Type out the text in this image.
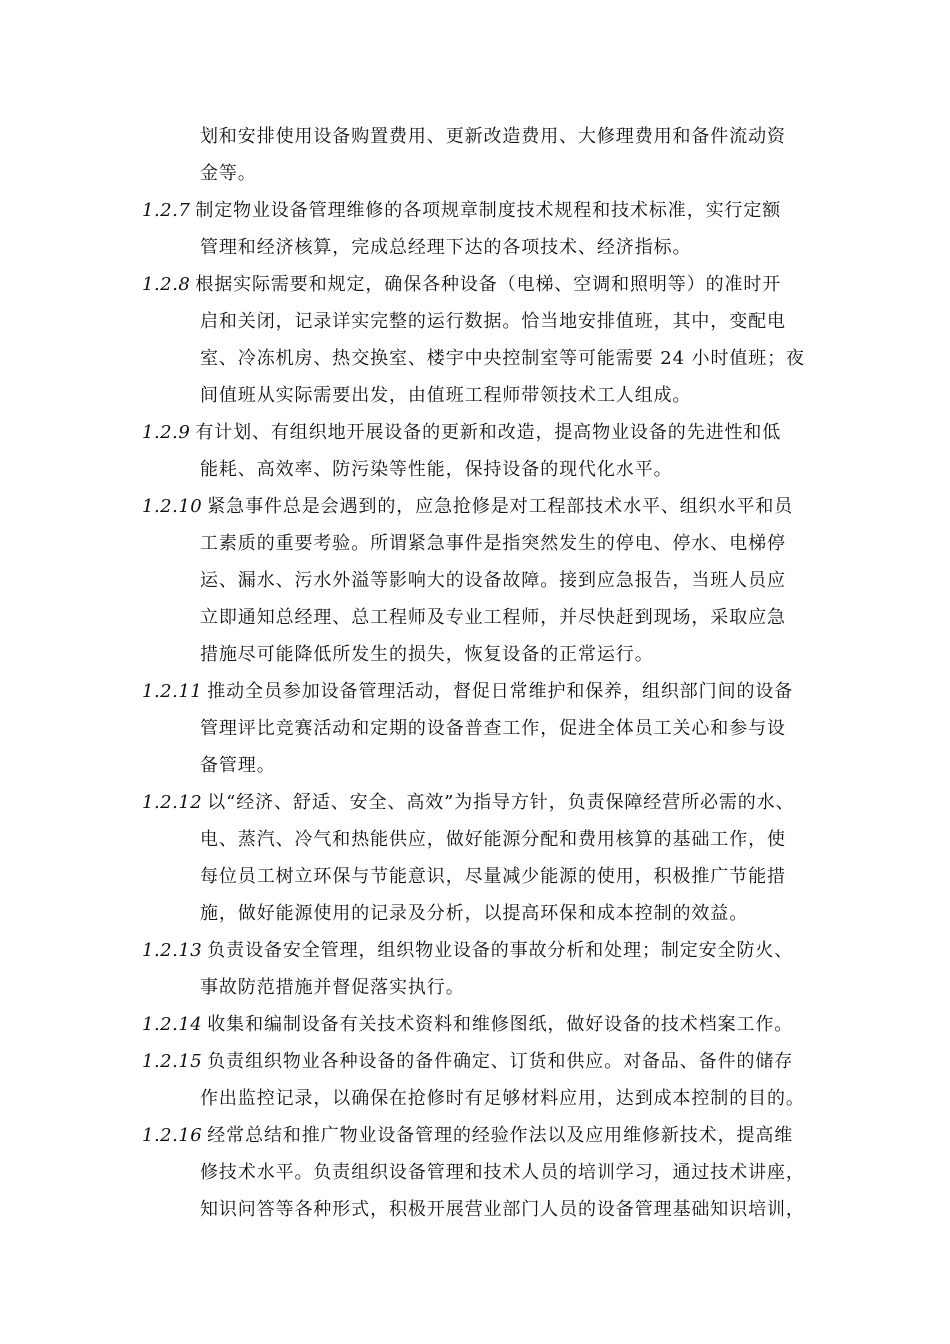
划和安排使用设备购置费用、更新改造费用、大修理费用和备件流动资
金等。
1.2.7 制定物业设备管理维修的各项规章制度技术规程和技术标准，实行定额
管理和经济核算，完成总经理下达的各项技术、经济指标。
1.2.8 根据实际需要和规定，确保各种设备（电梯、空调和照明等）的准时开
启和关闭，记录详实完整的运行数据。恰当地安排值班，其中，变配电
室、冷冻机房、热交换室、楼宇中央控制室等可能需要 24 小时值班；夜
间值班从实际需要出发，由值班工程师带领技术工人组成。
1.2.9 有计划、有组织地开展设备的更新和改造，提高物业设备的先进性和低
能耗、高效率、防污染等性能，保持设备的现代化水平。
1.2.10 紧急事件总是会遇到的，应急抢修是对工程部技术水平、组织水平和员
工素质的重要考验。所谓紧急事件是指突然发生的停电、停水、电梯停
运、漏水、污水外溢等影响大的设备故障。接到应急报告，当班人员应
立即通知总经理、总工程师及专业工程师，并尽快赶到现场，采取应急
措施尽可能降低所发生的损失，恢复设备的正常运行。
1.2.11 推动全员参加设备管理活动，督促日常维护和保养，组织部门间的设备
管理评比竞赛活动和定期的设备普查工作，促进全体员工关心和参与设
备管理。
1.2.12 以“经济、舒适、安全、高效”为指导方针，负责保障经营所必需的水、
电、蒸汽、冷气和热能供应，做好能源分配和费用核算的基础工作，使
每位员工树立环保与节能意识，尽量减少能源的使用，积极推广节能措
施，做好能源使用的记录及分析，以提高环保和成本控制的效益。
1.2.13 负责设备安全管理，组织物业设备的事故分析和处理；制定安全防火、
事故防范措施并督促落实执行。
1.2.14 收集和编制设备有关技术资料和维修图纸，做好设备的技术档案工作。
1.2.15 负责组织物业各种设备的备件确定、订货和供应。对备品、备件的储存
作出监控记录，以确保在抢修时有足够材料应用，达到成本控制的目的。
1.2.16 经常总结和推广物业设备管理的经验作法以及应用维修新技术，提高维
修技术水平。负责组织设备管理和技术人员的培训学习，通过技术讲座，
知识问答等各种形式，积极开展营业部门人员的设备管理基础知识培训，
